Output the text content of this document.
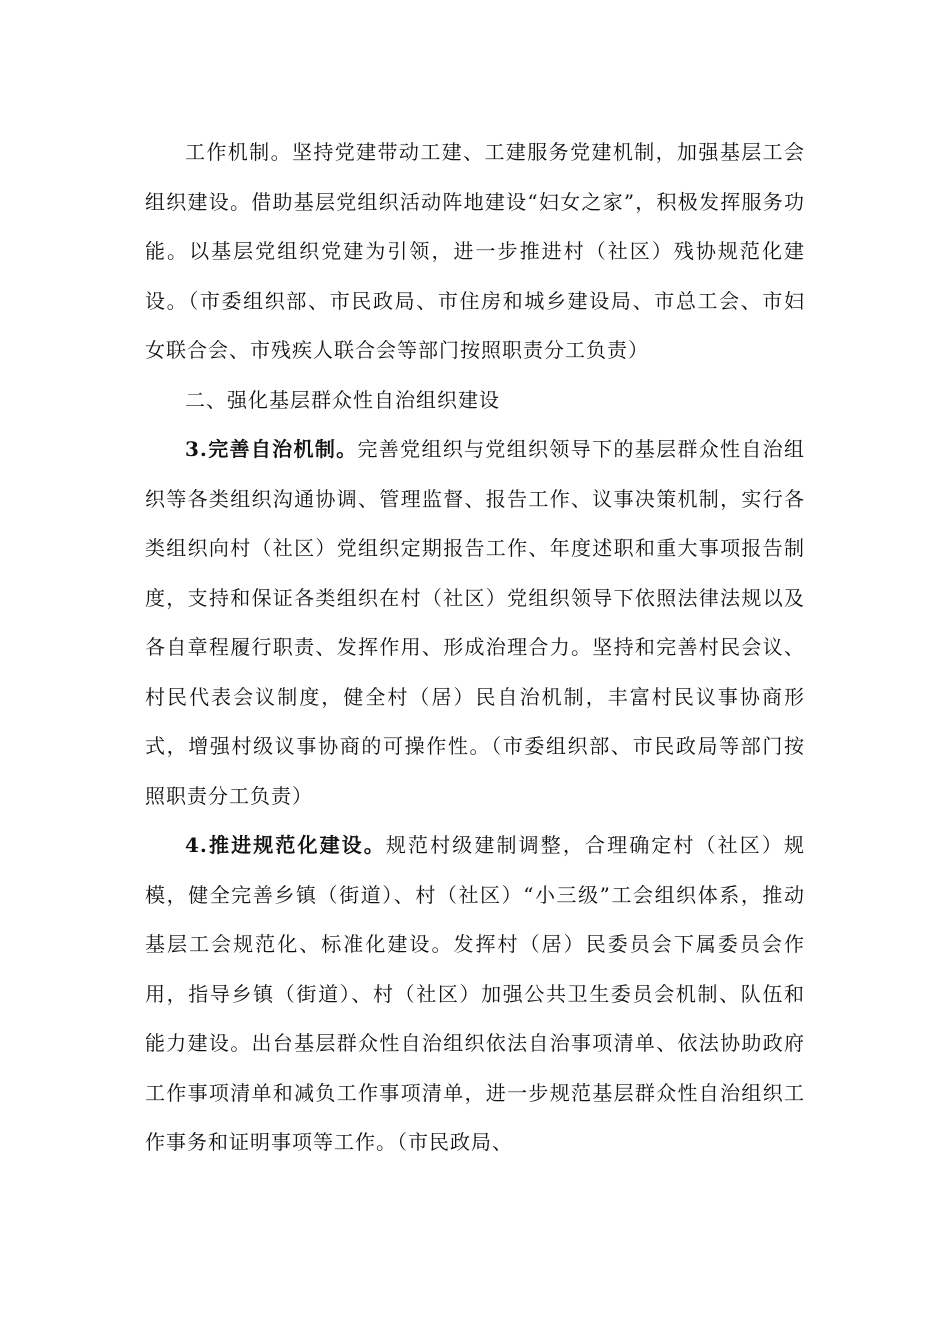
工作机制。坚持党建带动工建、工建服务党建机制，加强基层工会组织建设。借助基层党组织活动阵地建设“妇女之家”，积极发挥服务功能。以基层党组织党建为引领，进一步推进村（社区）残协规范化建设。（市委组织部、市民政局、市住房和城乡建设局、市总工会、市妇女联合会、市残疾人联合会等部门按照职责分工负责）

二、强化基层群众性自治组织建设

3.完善自治机制。完善党组织与党组织领导下的基层群众性自治组织等各类组织沟通协调、管理监督、报告工作、议事决策机制，实行各类组织向村（社区）党组织定期报告工作、年度述职和重大事项报告制度，支持和保证各类组织在村（社区）党组织领导下依照法律法规以及各自章程履行职责、发挥作用、形成治理合力。坚持和完善村民会议、村民代表会议制度，健全村（居）民自治机制，丰富村民议事协商形式，增强村级议事协商的可操作性。（市委组织部、市民政局等部门按照职责分工负责）

4.推进规范化建设。规范村级建制调整，合理确定村（社区）规模，健全完善乡镇（街道）、村（社区）“小三级”工会组织体系，推动基层工会规范化、标准化建设。发挥村（居）民委员会下属委员会作用，指导乡镇（街道）、村（社区）加强公共卫生委员会机制、队伍和能力建设。出台基层群众性自治组织依法自治事项清单、依法协助政府工作事项清单和减负工作事项清单，进一步规范基层群众性自治组织工作事务和证明事项等工作。（市民政局、
